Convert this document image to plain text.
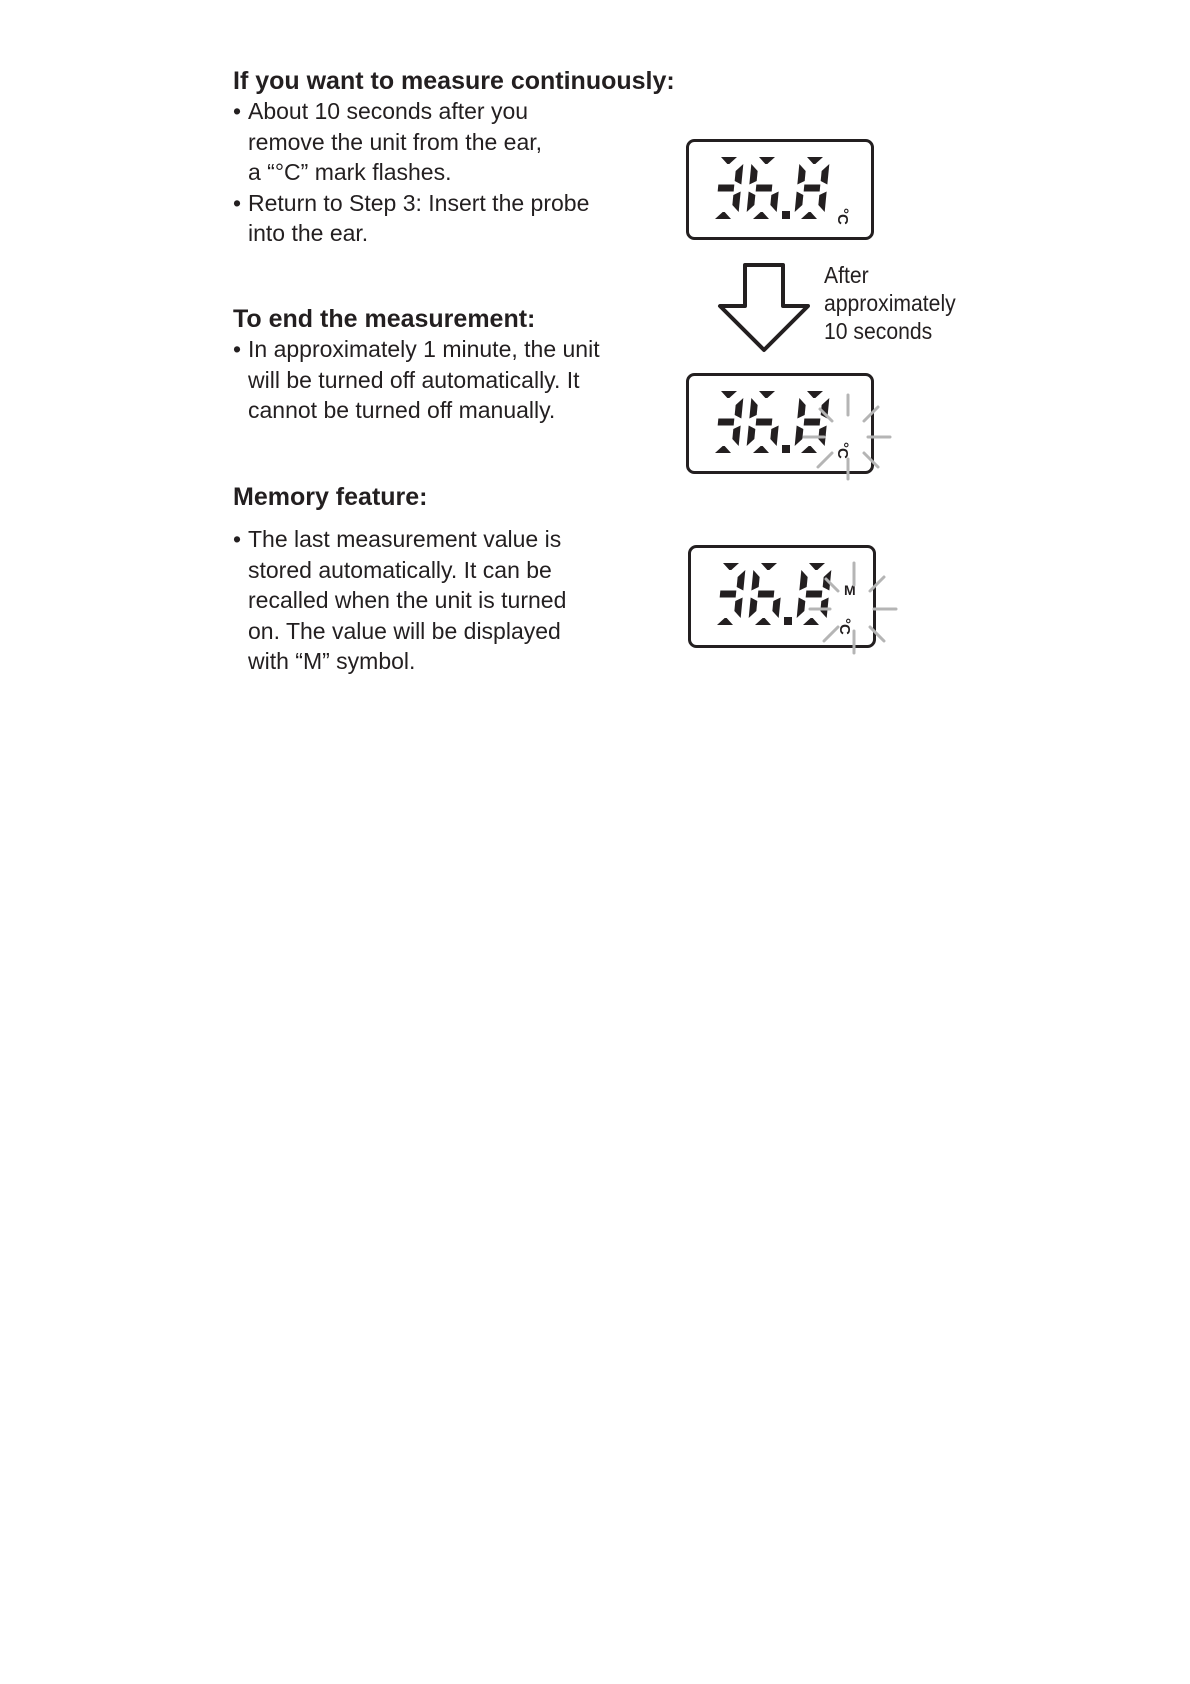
If you want to measure continuously:
• About 10 seconds after you
remove the unit from the ear,
a “°C” mark flashes.
• Return to Step 3: Insert the probe
into the ear.
To end the measurement:
• In approximately 1 minute, the unit
will be turned off automatically. It
cannot be turned off manually.
Memory feature:
• The last measurement value is
stored automatically. It can be
recalled when the unit is turned
on. The value will be displayed
with “M” symbol.
°C
After
approximately
10 seconds
°C
M
°C
